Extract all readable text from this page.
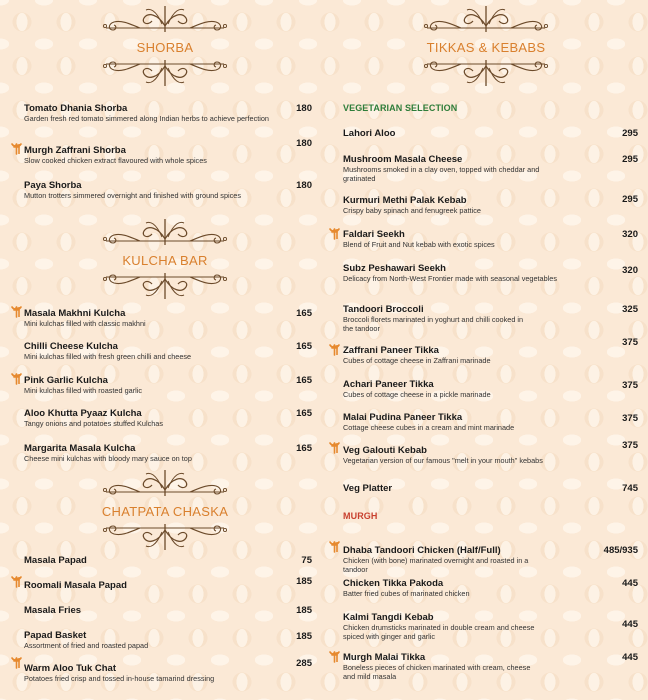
SHORBA
Tomato Dhania Shorba
Garden fresh red tomato simmered along Indian herbs to achieve perfection
180
Murgh Zaffrani Shorba
Slow cooked chicken extract flavoured with whole spices
180
Paya Shorba
Mutton trotters simmered overnight and finished with ground spices
180
KULCHA BAR
Masala Makhni Kulcha
Mini kulchas filled with classic makhni
165
Chilli Cheese Kulcha
Mini kulchas filled with fresh green chilli and cheese
165
Pink Garlic Kulcha
Mini kulchas filled with roasted garlic
165
Aloo Khutta Pyaaz Kulcha
Tangy onions and potatoes stuffed Kulchas
165
Margarita Masala Kulcha
Cheese mini kulchas with bloody mary sauce on top
165
CHATPATA CHASKA
Masala Papad	75
Roomali Masala Papad	185
Masala Fries	185
Papad Basket
Assortment of fried and roasted papad
185
Warm Aloo Tuk Chat
Potatoes fried crisp and tossed in-house tamarind dressing
285
TIKKAS & KEBABS
VEGETARIAN SELECTION
Lahori Aloo	295
Mushroom Masala Cheese
Mushrooms smoked in a clay oven, topped with cheddar and gratinated
295
Kurmuri Methi Palak Kebab
Crispy baby spinach and fenugreek pattice
295
Faldari Seekh
Blend of Fruit and Nut kebab with exotic spices
320
Subz Peshawari Seekh
Delicacy from North-West Frontier made with seasonal vegetables
320
Tandoori Broccoli
Broccoli florets marinated in yoghurt and chilli cooked in the tandoor
325
Zaffrani Paneer Tikka
Cubes of cottage cheese in Zaffrani marinade
375
Achari Paneer Tikka
Cubes of cottage cheese in a pickle marinade
375
Malai Pudina Paneer Tikka
Cottage cheese cubes in a cream and mint marinade
375
Veg Galouti Kebab
Vegetarian version of our famous "melt in your mouth" kebabs
375
Veg Platter	745
MURGH
Dhaba Tandoori Chicken (Half/Full)
Chicken (with bone) marinated overnight and roasted in a tandoor
485/935
Chicken Tikka Pakoda
Batter fried cubes of marinated chicken
445
Kalmi Tangdi Kebab
Chicken drumsticks marinated in double cream and cheese spiced with ginger and garlic
445
Murgh Malai Tikka
Boneless pieces of chicken marinated with cream, cheese and mild masala
445
